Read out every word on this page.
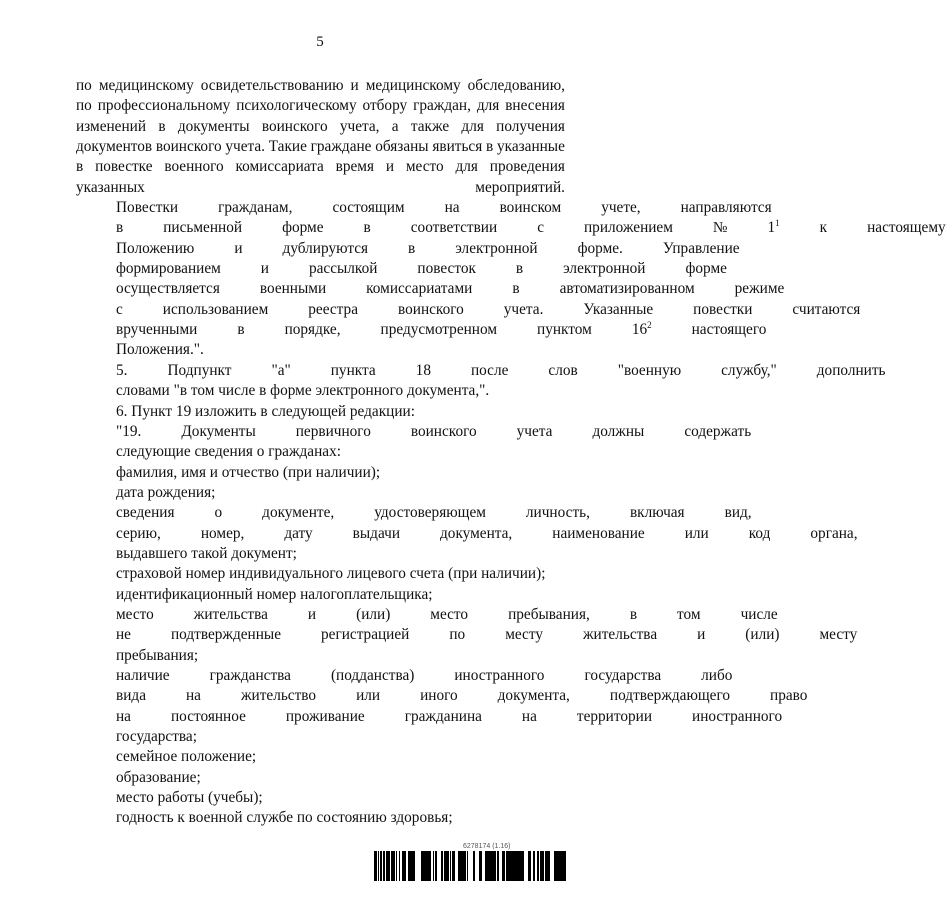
5
по медицинскому освидетельствованию и медицинскому обследованию,
по профессиональному психологическому отбору граждан, для внесения
изменений в документы воинского учета, а также для получения
документов воинского учета. Такие граждане обязаны явиться в указанные
в повестке военного комиссариата время и место для проведения
указанных	мероприятий.
Повестки	гражданам,	состоящим	на	воинском	учете,	направляются
в	письменной	форме	в	соответствии	с	приложением	№	$1^1$	к	настоящему
Положению	и	дублируются	в	электронной	форме.	Управление
формированием	и	рассылкой	повесток	в	электронной	форме
осуществляется	военными	комиссариатами	в	автоматизированном	режиме
с	использованием	реестра	воинского	учета.	Указанные	повестки	считаются
врученными	в	порядке,	предусмотренном	пунктом	$16^2$	настоящего
Положения.".
5.	Подпункт	"а"	пункта	18	после	слов	"военную	службу,"	дополнить
словами "в том числе в форме электронного документа,".
6. Пункт 19 изложить в следующей редакции:
"19.	Документы	первичного	воинского	учета	должны	содержать
следующие сведения о гражданах:
фамилия, имя и отчество (при наличии);
дата рождения;
сведения	о	документе,	удостоверяющем	личность,	включая	вид,
серию,	номер,	дату	выдачи	документа,	наименование	или	код	органа,
выдавшего такой документ;
страховой номер индивидуального лицевого счета (при наличии);
идентификационный номер налогоплательщика;
место	жительства	и	(или)	место	пребывания,	в	том	числе
не	подтвержденные	регистрацией	по	месту	жительства	и	(или)	месту
пребывания;
наличие	гражданства	(подданства)	иностранного	государства	либо
вида	на	жительство	или	иного	документа,	подтверждающего	право
на	постоянное	проживание	гражданина	на	территории	иностранного
государства;
семейное положение;
образование;
место работы (учебы);
годность к военной службе по состоянию здоровья;
6278174 (1.16)
